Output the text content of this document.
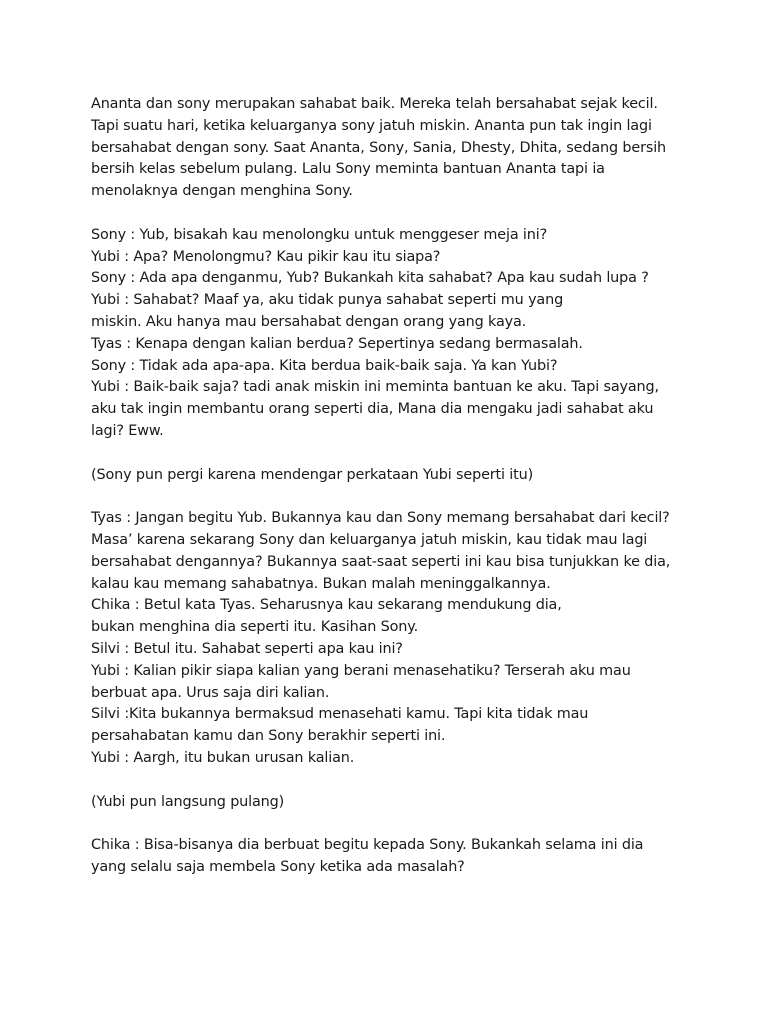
Ananta dan sony merupakan sahabat baik. Mereka telah bersahabat sejak kecil.
Tapi suatu hari, ketika keluarganya sony jatuh miskin. Ananta pun tak ingin lagi
bersahabat dengan sony. Saat Ananta, Sony, Sania, Dhesty, Dhita, sedang bersih
bersih kelas sebelum pulang. Lalu Sony meminta bantuan Ananta tapi ia
menolaknya dengan menghina Sony.

Sony : Yub, bisakah kau menolongku untuk menggeser meja ini?
Yubi : Apa? Menolongmu? Kau pikir kau itu siapa?
Sony : Ada apa denganmu, Yub? Bukankah kita sahabat? Apa kau sudah lupa ?
Yubi : Sahabat? Maaf ya, aku tidak punya sahabat seperti mu yang
miskin. Aku hanya mau bersahabat dengan orang yang kaya.
Tyas : Kenapa dengan kalian berdua? Sepertinya sedang bermasalah.
Sony : Tidak ada apa-apa. Kita berdua baik-baik saja. Ya kan Yubi?
Yubi : Baik-baik saja? tadi anak miskin ini meminta bantuan ke aku. Tapi sayang,
aku tak ingin membantu orang seperti dia, Mana dia mengaku jadi sahabat aku
lagi? Eww.

(Sony pun pergi karena mendengar perkataan Yubi seperti itu)

Tyas : Jangan begitu Yub. Bukannya kau dan Sony memang bersahabat dari kecil?
Masa’ karena sekarang Sony dan keluarganya jatuh miskin, kau tidak mau lagi
bersahabat dengannya? Bukannya saat-saat seperti ini kau bisa tunjukkan ke dia,
kalau kau memang sahabatnya. Bukan malah meninggalkannya.
Chika : Betul kata Tyas. Seharusnya kau sekarang mendukung dia,
bukan menghina dia seperti itu. Kasihan Sony.
Silvi : Betul itu. Sahabat seperti apa kau ini?
Yubi : Kalian pikir siapa kalian yang berani menasehatiku? Terserah aku mau
berbuat apa. Urus saja diri kalian.
Silvi :Kita bukannya bermaksud menasehati kamu. Tapi kita tidak mau
persahabatan kamu dan Sony berakhir seperti ini.
Yubi : Aargh, itu bukan urusan kalian.

(Yubi pun langsung pulang)

Chika : Bisa-bisanya dia berbuat begitu kepada Sony. Bukankah selama ini dia
yang selalu saja membela Sony ketika ada masalah?
